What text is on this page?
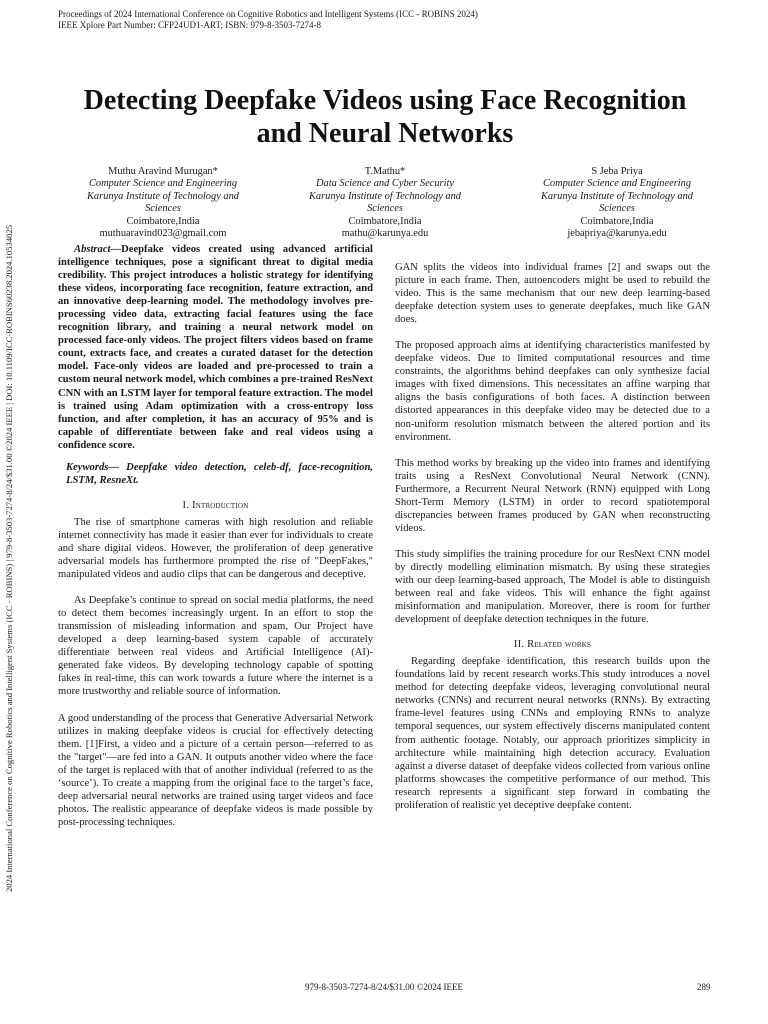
Proceedings of 2024 International Conference on Cognitive Robotics and Intelligent Systems (ICC - ROBINS 2024)
IEEE Xplore Part Number: CFP24UD1-ART; ISBN: 979-8-3503-7274-8
2024 International Conference on Cognitive Robotics and Intelligent Systems (ICC - ROBINS) | 979-8-3503-7274-8/24/$31.00 ©2024 IEEE | DOI: 10.1109/ICC-ROBINS60238.2024.10534025
Detecting Deepfake Videos using Face Recognition
and Neural Networks
Muthu Aravind Murugan*
Computer Science and Engineering
Karunya Institute of Technology and
Sciences
Coimbatore,India
muthuaravind023@gmail.com
T.Mathu*
Data Science and Cyber Security
Karunya Institute of Technology and
Sciences
Coimbatore,India
mathu@karunya.edu
S Jeba Priya
Computer Science and Engineering
Karunya Institute of Technology and
Sciences
Coimbatore,India
jebapriya@karunya.edu

Abstract—Deepfake videos created using advanced artificial intelligence techniques, pose a significant threat to digital media credibility. This project introduces a holistic strategy for identifying these videos, incorporating face recognition, feature extraction, and an innovative deep-learning model. The methodology involves pre-processing video data, extracting facial features using the face recognition library, and training a neural network model on processed face-only videos. The project filters videos based on frame count, extracts face, and creates a curated dataset for the detection model. Face-only videos are loaded and pre-processed to train a custom neural network model, which combines a pre-trained ResNext CNN with an LSTM layer for temporal feature extraction. The model is trained using Adam optimization with a cross-entropy loss function, and after completion, it has an accuracy of 95% and is capable of differentiate between fake and real videos using a confidence score.

Keywords— Deepfake video detection, celeb-df, face-recognition, LSTM, ResneXt.

I. Introduction

The rise of smartphone cameras with high resolution and reliable internet connectivity has made it easier than ever for individuals to create and share digital videos. However, the proliferation of deep generative adversarial models has furthermore prompted the rise of "DeepFakes," manipulated videos and audio clips that can be dangerous and deceptive.

As Deepfake’s continue to spread on social media platforms, the need to detect them becomes increasingly urgent. In an effort to stop the transmission of misleading information and spam, Our Project have developed a deep learning-based system capable of accurately differentiate between real videos and Artificial Intelligence (AI)-generated fake videos. By developing technology capable of spotting fakes in real-time, this can work towards a future where the internet is a more trustworthy and reliable source of information.

A good understanding of the process that Generative Adversarial Network utilizes in making deepfake videos is crucial for effectively detecting them. [1]First, a video and a picture of a certain person—referred to as the "target"—are fed into a GAN. It outputs another video where the face of the target is replaced with that of another individual (referred to as the ‘source’). To create a mapping from the original face to the target’s face, deep adversarial neural networks are trained using target videos and face photos. The realistic appearance of deepfake videos is made possible by post-processing techniques.

GAN splits the videos into individual frames [2] and swaps out the picture in each frame. Then, autoencoders might be used to rebuild the video. This is the same mechanism that our new deep learning-based deepfake detection system uses to generate deepfakes, much like GAN does.

The proposed approach aims at identifying characteristics manifested by deepfake videos. Due to limited computational resources and time constraints, the algorithms behind deepfakes can only synthesize facial images with fixed dimensions. This necessitates an affine warping that aligns the basis configurations of both faces. A distinction between distorted appearances in this deepfake video may be detected due to a non-uniform resolution mismatch between the altered portion and its environment.

This method works by breaking up the video into frames and identifying traits using a ResNext Convolutional Neural Network (CNN). Furthermore, a Recurrent Neural Network (RNN) equipped with Long Short-Term Memory (LSTM) in order to record spatiotemporal discrepancies between frames produced by GAN when reconstructing videos.

This study simplifies the training procedure for our ResNext CNN model by directly modelling elimination mismatch. By using these strategies with our deep learning-based approach, The Model is able to distinguish between real and fake videos. This will enhance the fight against misinformation and manipulation. Moreover, there is room for further development of deepfake detection techniques in the future.

II. Related works

Regarding deepfake identification, this research builds upon the foundations laid by recent research works.This study introduces a novel method for detecting deepfake videos, leveraging convolutional neural networks (CNNs) and recurrent neural networks (RNNs). By extracting frame-level features using CNNs and employing RNNs to analyze temporal sequences, our system effectively discerns manipulated content from authentic footage. Notably, our approach prioritizes simplicity in architecture while maintaining high detection accuracy. Evaluation against a diverse dataset of deepfake videos collected from various online platforms showcases the competitive performance of our method. This research represents a significant step forward in combating the proliferation of realistic yet deceptive deepfake content.

979-8-3503-7274-8/24/$31.00 ©2024 IEEE	289
